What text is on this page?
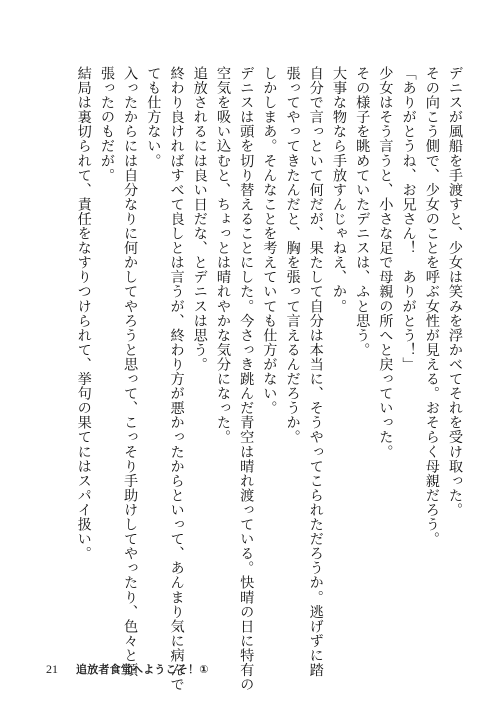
デニスが風船を手渡すと、少女は笑みを浮かべてそれを受け取った。

その向こう側で、少女のことを呼ぶ女性が見える。おそらく母親だろう。

「ありがとうね、お兄さん！　ありがとう！」

少女はそう言うと、小さな足で母親の所へと戻っていった。

その様子を眺めていたデニスは、ふと思う。

大事な物なら手放すんじゃねえ、か。

自分で言っといて何だが、果たして自分は本当に、そうやってこられただろうか。逃げずに踏

張ってやってきたんだと、胸を張って言えるんだろうか。

しかしまあ。そんなことを考えていても仕方がない。

デニスは頭を切り替えることにした。今さっき跳んだ青空は晴れ渡っている。快晴の日に特有の

空気を吸い込むと、ちょっとは晴れやかな気分になった。

追放されるには良い日だな、とデニスは思う。

終わり良ければすべて良しとは言うが、終わり方が悪かったからといって、あんまり気に病んで

ても仕方ない。

入ったからには自分なりに何かしてやろうと思って、こっそり手助けしてやったり、色々と頑

張ったのもだが。

結局は裏切られて、責任をなすりつけられて、挙句の果てにはスパイ扱い。

21 追放者食堂へようこそ！①
